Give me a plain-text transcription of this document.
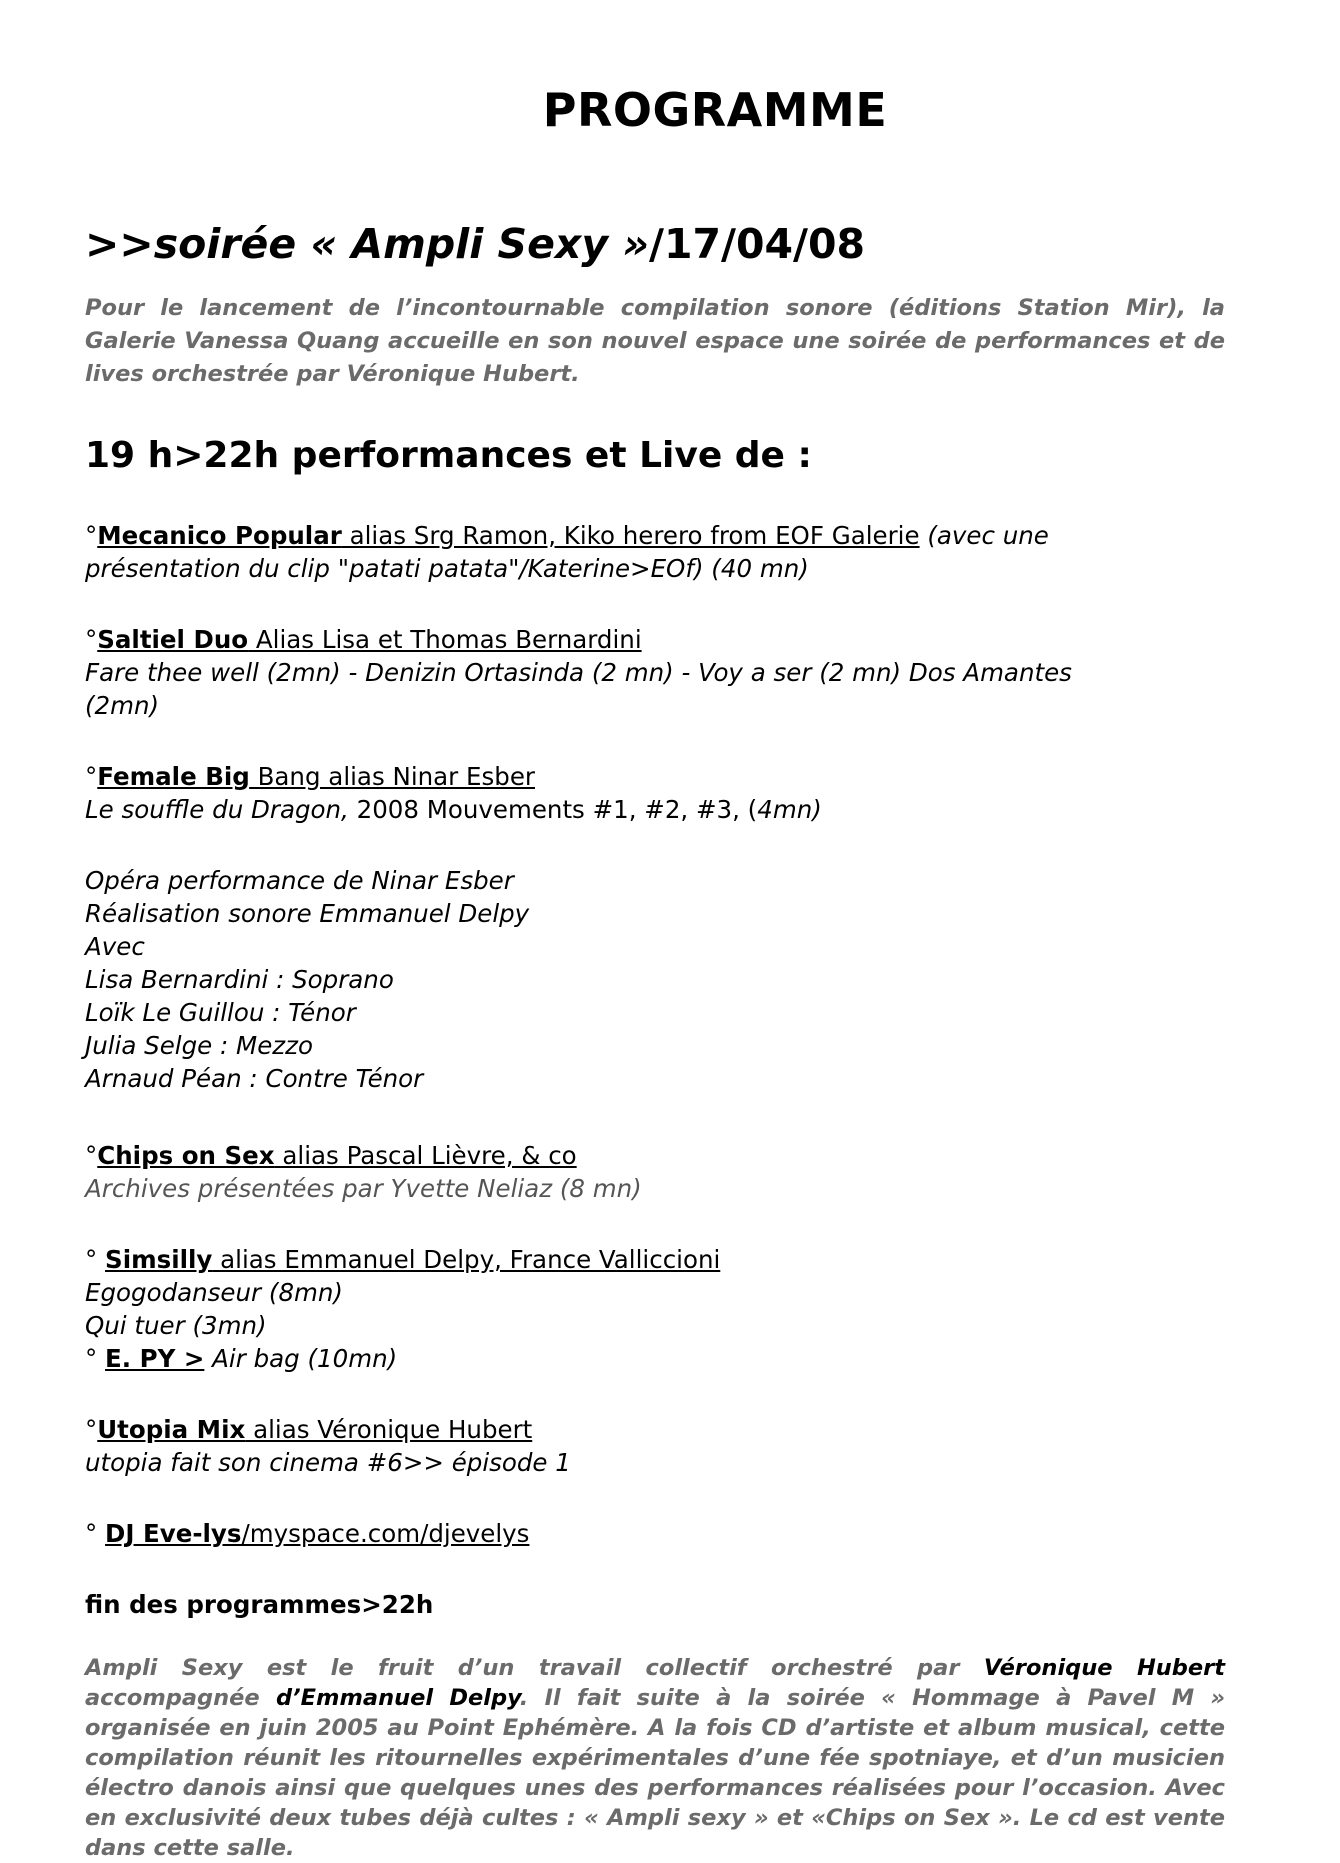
PROGRAMME
>>soirée « Ampli Sexy »/17/04/08
Pour le lancement de l’incontournable compilation sonore (éditions Station Mir), la Galerie Vanessa Quang accueille en son nouvel espace une soirée de performances et de lives orchestrée par Véronique Hubert.
19 h>22h performances et Live de :
°Mecanico Popular alias Srg Ramon, Kiko herero from EOF Galerie (avec une
présentation du clip "patati patata"/Katerine>EOf) (40 mn)
°Saltiel Duo Alias Lisa et Thomas Bernardini
Fare thee well (2mn) - Denizin Ortasinda (2 mn) - Voy a ser (2 mn) Dos Amantes
(2mn)
°Female Big Bang alias Ninar Esber
Le souffle du Dragon, 2008 Mouvements #1, #2, #3, (4mn)
Opéra performance de Ninar Esber
Réalisation sonore Emmanuel Delpy
Avec
Lisa Bernardini : Soprano
Loïk Le Guillou : Ténor
Julia Selge : Mezzo
Arnaud Péan : Contre Ténor
°Chips on Sex alias Pascal Lièvre, & co
Archives présentées par Yvette Neliaz (8 mn)
° Simsilly alias Emmanuel Delpy, France Valliccioni
Egogodanseur (8mn)
Qui tuer (3mn)
° E. PY > Air bag (10mn)
°Utopia Mix alias Véronique Hubert
utopia fait son cinema #6>> épisode 1
° DJ Eve-lys/myspace.com/djevelys
fin des programmes>22h
Ampli Sexy est le fruit d’un travail collectif orchestré par Véronique Hubert accompagnée d’Emmanuel Delpy. Il fait suite à la soirée « Hommage à Pavel M » organisée en juin 2005 au Point Ephémère. A la fois CD d’artiste et album musical, cette compilation réunit les ritournelles expérimentales d’une fée spotniaye, et d’un musicien électro danois ainsi que quelques unes des performances réalisées pour l’occasion. Avec en exclusivité deux tubes déjà cultes : « Ampli sexy » et «Chips on Sex ». Le cd est vente dans cette salle.
